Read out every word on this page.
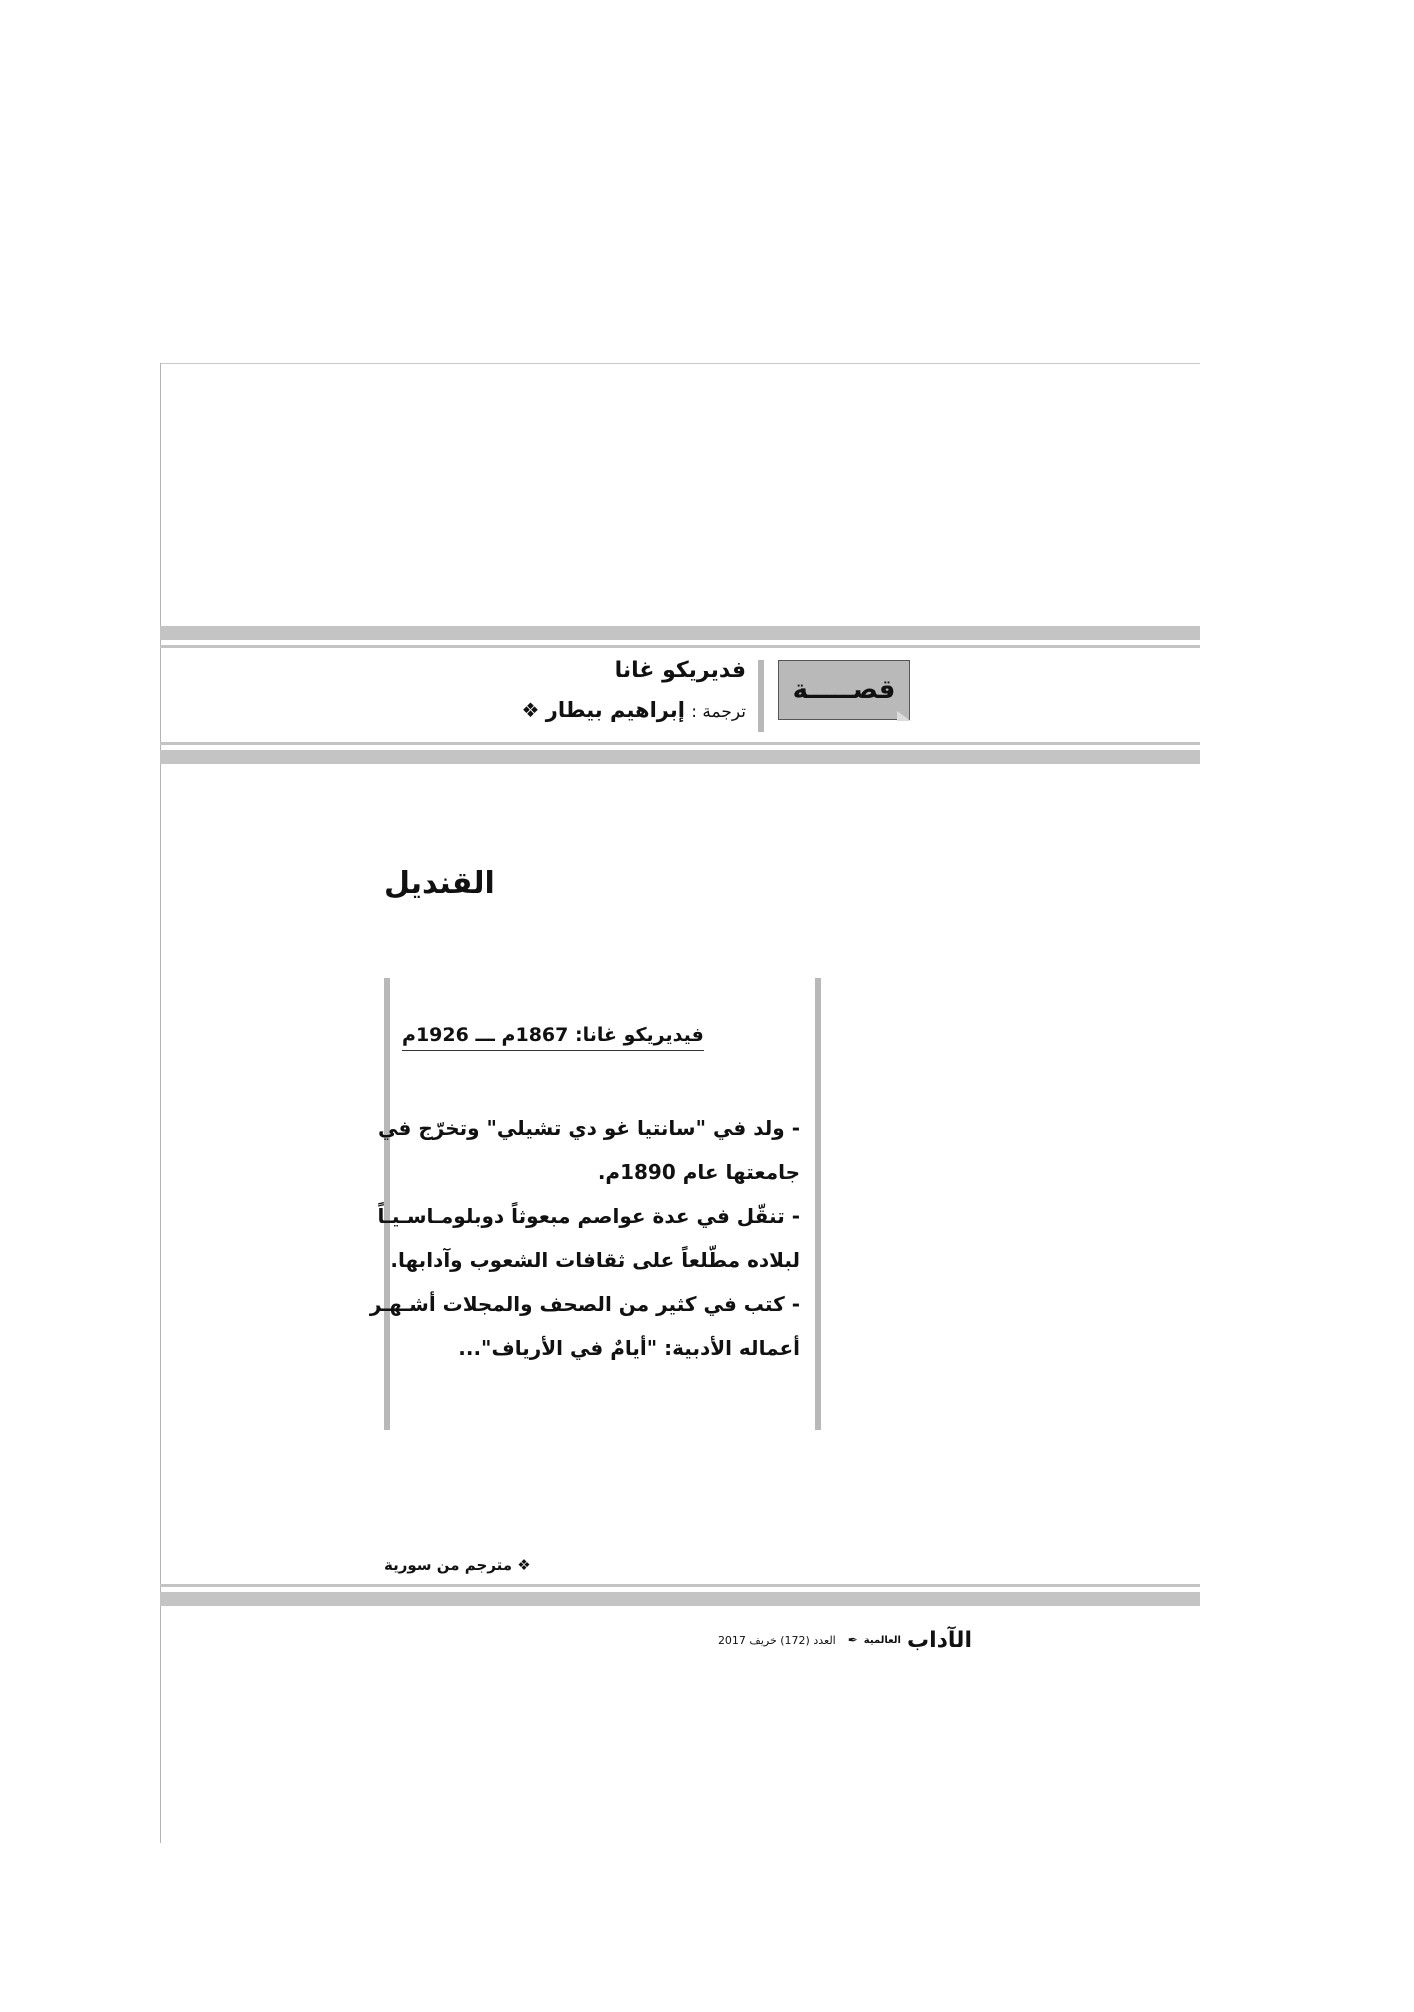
فديريكو غانا
ترجمة : إبراهيم بيطار ❖
قصـــــة
القنديل
فيديريكو غانا: 1867م ـــ 1926م
- ولد في "سانتيا غو دي تشيلي" وتخرّج في
جامعتها عام 1890م.
- تنقّل في عدة عواصم مبعوثاً دوبلومـاسـيـاً
لبلاده مطّلعاً على ثقافات الشعوب وآدابها.
- كتب في كثير من الصحف والمجلات أشـهـر
أعماله الأدبية: "أيامٌ في الأرياف"...
❖ مترجم من سورية
الآداب
العالمية
✒
العدد (172) خريف 2017
